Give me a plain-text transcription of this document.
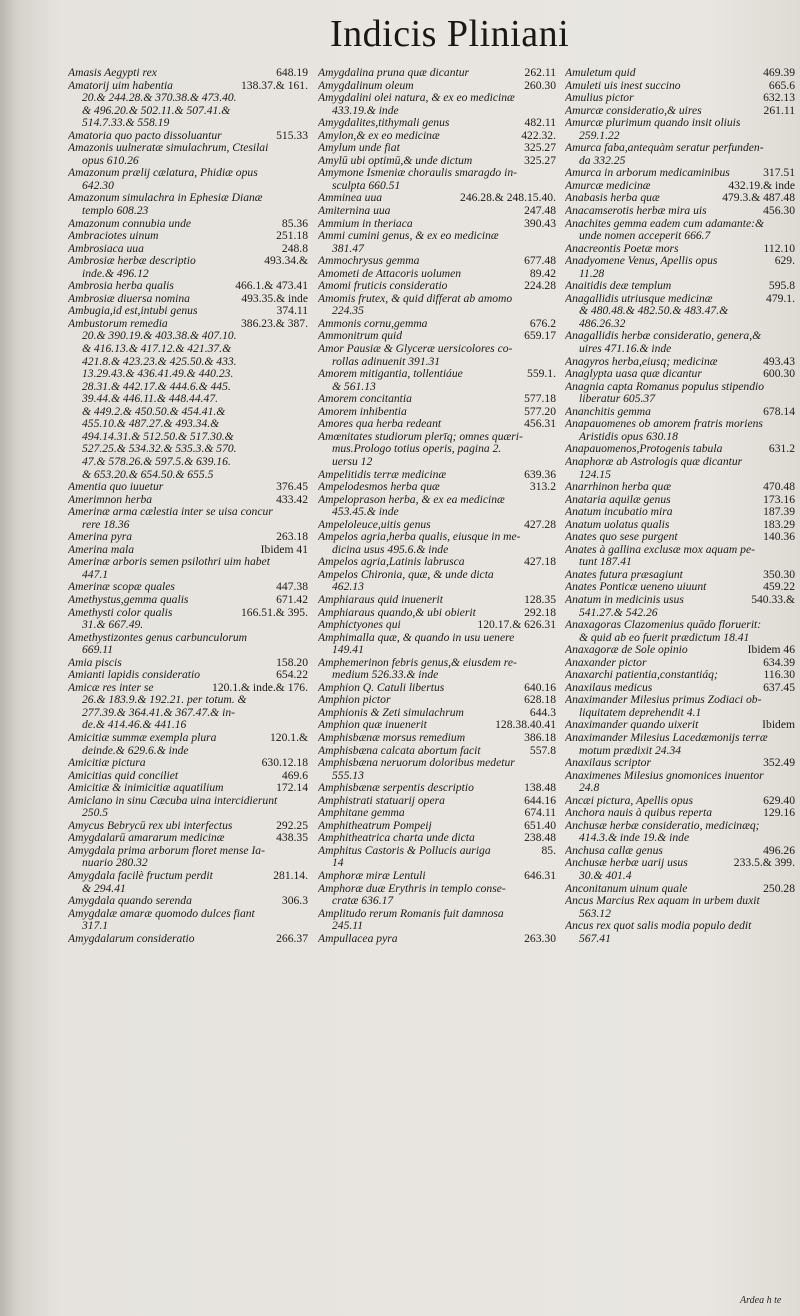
Indicis Pliniani
Amasis Aegypti rex	648.19
Amatorij uim habentia	138.37.& 161.
20.& 244.28.& 370.38.& 473.40.
& 496.20.& 502.11.& 507.41.&
514.7.33.& 558.19
Amatoria quo pacto dissoluantur	515.33
Amazonis uulneratæ simulachrum, Ctesilai
opus 610.26
Amazonum prælij cælatura, Phidiæ opus
642.30
Amazonum simulachra in Ephesiæ Dianæ
templo 608.23
Amazonum connubia unde	85.36
Ambraciotes uinum	251.18
Ambrosiaca uua	248.8
Ambrosiæ herbæ descriptio	493.34.&
inde.& 496.12
Ambrosia herba qualis	466.1.& 473.41
Ambrosiæ diuersa nomina	493.35.& inde
Ambugia,id est,intubi genus	374.11
Ambustorum remedia	386.23.& 387.
20.& 390.19.& 403.38.& 407.10.
& 416.13.& 417.12.& 421.37.&
421.8.& 423.23.& 425.50.& 433.
13.29.43.& 436.41.49.& 440.23.
28.31.& 442.17.& 444.6.& 445.
39.44.& 446.11.& 448.44.47.
& 449.2.& 450.50.& 454.41.&
455.10.& 487.27.& 493.34.&
494.14.31.& 512.50.& 517.30.&
527.25.& 534.32.& 535.3.& 570.
47.& 578.26.& 597.5.& 639.16.
& 653.20.& 654.50.& 655.5
Amentia quo iuuetur	376.45
Amerimnon herba	433.42
Amerinæ arma cælestia inter se uisa concur
rere 18.36
Amerina pyra	263.18
Amerina mala	Ibidem 41
Amerinæ arboris semen psilothri uim habet
447.1
Amerinæ scopæ quales	447.38
Amethystus,gemma qualis	671.42
Amethysti color qualis	166.51.& 395.
31.& 667.49.
Amethystizontes genus carbunculorum
669.11
Amia piscis	158.20
Amianti lapidis consideratio	654.22
Amicæ res inter se	120.1.& inde.& 176.
26.& 183.9.& 192.21. per totum. &
277.39.& 364.41.& 367.47.& in-
de.& 414.46.& 441.16
Amicitiæ summæ exempla plura	120.1.&
deinde.& 629.6.& inde
Amicitiæ pictura	630.12.18
Amicitias quid conciliet	469.6
Amicitiæ & inimicitiæ aquatilium	172.14
Amiclano in sinu Cæcuba uina intercidierunt
250.5
Amycus Bebrycū rex ubi interfectus	292.25
Amygdalarū amararum medicinæ	438.35
Amygdala prima arborum floret mense Ia-
nuario 280.32
Amygdala facilè fructum perdit	281.14.
& 294.41
Amygdala quando serenda	306.3
Amygdalæ amaræ quomodo dulces fiant
317.1
Amygdalarum consideratio	266.37
Amygdalina pruna quæ dicantur	262.11
Amygdalinum oleum	260.30
Amygdalini olei natura, & ex eo medicinæ
433.19.& inde
Amygdalites,tithymali genus	482.11
Amylon,& ex eo medicinæ	422.32.
Amylum unde fiat	325.27
Amylū ubi optimū,& unde dictum	325.27
Amymone Ismeniæ choraulis smaragdo in-
sculpta 660.51
Amminea uua	246.28.& 248.15.40.
Amiternina uua	247.48
Ammium in theriaca	390.43
Ammi cumini genus, & ex eo medicinæ
381.47
Ammochrysus gemma	677.48
Amometi de Attacoris uolumen	89.42
Amomi fruticis consideratio	224.28
Amomis frutex, & quid differat ab amomo
224.35
Ammonis cornu,gemma	676.2
Ammonitrum quid	659.17
Amor Pausiæ & Glyceræ uersicolores co-
rollas adinuenit 391.31
Amorem mitigantia, tollentiáue	559.1.
& 561.13
Amorem concitantia	577.18
Amorem inhibentia	577.20
Amores qua herba redeant	456.31
Amœnitates studiorum plerīq; omnes quæri-
mus.Prologo totius operis, pagina 2.
uersu 12
Ampelitidis terræ medicinæ	639.36
Ampelodesmos herba quæ	313.2
Ampeloprason herba, & ex ea medicinæ
453.45.& inde
Ampeloleuce,uitis genus	427.28
Ampelos agria,herba qualis, eiusque in me-
dicina usus 495.6.& inde
Ampelos agria,Latinis labrusca	427.18
Ampelos Chironia, quæ, & unde dicta
462.13
Amphiaraus quid inuenerit	128.35
Amphiaraus quando,& ubi obierit	292.18
Amphictyones qui	120.17.& 626.31
Amphimalla quæ, & quando in usu uenere
149.41
Amphemerinon febris genus,& eiusdem re-
medium 526.33.& inde
Amphion Q. Catuli libertus	640.16
Amphion pictor	628.18
Amphionis & Zeti simulachrum	644.3
Amphion quæ inuenerit	128.38.40.41
Amphisbænæ morsus remedium	386.18
Amphisbæna calcata abortum facit	557.8
Amphisbæna neruorum doloribus medetur
555.13
Amphisbænæ serpentis descriptio	138.48
Amphistrati statuarij opera	644.16
Amphitane gemma	674.11
Amphitheatrum Pompeij	651.40
Amphitheatrica charta unde dicta	238.48
Amphitus Castoris & Pollucis auriga	85.
14
Amphoræ miræ Lentuli	646.31
Amphoræ duæ Erythris in templo conse-
cratæ 636.17
Amplitudo rerum Romanis fuit damnosa
245.11
Ampullacea pyra	263.30
Amuletum quid	469.39
Amuleti uis inest succino	665.6
Amulius pictor	632.13
Amurcæ consideratio,& uires	261.11
Amurcæ plurimum quando insit oliuis
259.1.22
Amurca faba,antequàm seratur perfunden-
da 332.25
Amurca in arborum medicaminibus	317.51
Amurcæ medicinæ	432.19.& inde
Anabasis herba quæ	479.3.& 487.48
Anacamserotis herbæ mira uis	456.30
Anachites gemma eadem cum adamante:&
unde nomen acceperit 666.7
Anacreontis Poetæ mors	112.10
Anadyomene Venus, Apellis opus	629.
11.28
Anaitidis deæ templum	595.8
Anagallidis utriusque medicinæ	479.1.
& 480.48.& 482.50.& 483.47.&
486.26.32
Anagallidis herbæ consideratio, genera,&
uires 471.16.& inde
Anagyros herba,eiusq; medicinæ	493.43
Anaglypta uasa quæ dicantur	600.30
Anagnia capta Romanus populus stipendio
liberatur 605.37
Ananchitis gemma	678.14
Anapauomenes ob amorem fratris moriens
Aristidis opus 630.18
Anapauomenos,Protogenis tabula	631.2
Anaphoræ ab Astrologis quæ dicantur
124.15
Anarrhinon herba quæ	470.48
Anataria aquilæ genus	173.16
Anatum incubatio mira	187.39
Anatum uolatus qualis	183.29
Anates quo sese purgent	140.36
Anates à gallina exclusæ mox aquam pe-
tunt 187.41
Anates futura præsagiunt	350.30
Anates Ponticæ ueneno uiuunt	459.22
Anatum in medicinis usus	540.33.&
541.27.& 542.26
Anaxagoras Clazomenius quādo floruerit:
& quid ab eo fuerit prædictum 18.41
Anaxagoræ de Sole opinio	Ibidem 46
Anaxander pictor	634.39
Anaxarchi patientia,constantiáq;	116.30
Anaxilaus medicus	637.45
Anaximander Milesius primus Zodiaci ob-
liquitatem deprehendit 4.1
Anaximander quando uixerit	Ibidem
Anaximander Milesius Lacedæmonijs terræ
motum prædixit 24.34
Anaxilaus scriptor	352.49
Anaximenes Milesius gnomonices inuentor
24.8
Ancæi pictura, Apellis opus	629.40
Anchora nauis à quibus reperta	129.16
Anchusæ herbæ consideratio, medicinæq;
414.3.& inde 19.& inde
Anchusa callæ genus	496.26
Anchusæ herbæ uarij usus	233.5.& 399.
30.& 401.4
Anconitanum uinum quale	250.28
Ancus Marcius Rex aquam in urbem duxit
563.12
Ancus rex quot salis modia populo dedit
567.41
Ardea h te
